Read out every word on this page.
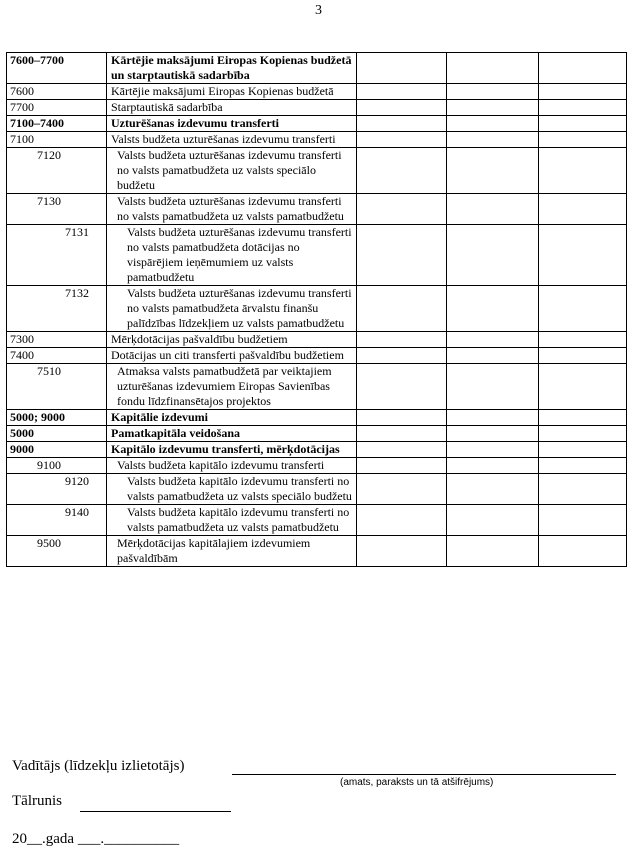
3
7600–7700	Kārtējie maksājumi Eiropas Kopienas budžetā un starptautiskā sadarbība			
7600	Kārtējie maksājumi Eiropas Kopienas budžetā			
7700	Starptautiskā sadarbība			
7100–7400	Uzturēšanas izdevumu transferti			
7100	Valsts budžeta uzturēšanas izdevumu transferti			
7120	Valsts budžeta uzturēšanas izdevumu transferti no valsts pamatbudžeta uz valsts speciālo budžetu			
7130	Valsts budžeta uzturēšanas izdevumu transferti no valsts pamatbudžeta uz valsts pamatbudžetu			
7131	Valsts budžeta uzturēšanas izdevumu transferti no valsts pamatbudžeta dotācijas no vispārējiem ieņēmumiem uz valsts pamatbudžetu			
7132	Valsts budžeta uzturēšanas izdevumu transferti no valsts pamatbudžeta ārvalstu finanšu palīdzības līdzekļiem uz valsts pamatbudžetu			
7300	Mērķdotācijas pašvaldību budžetiem			
7400	Dotācijas un citi transferti pašvaldību budžetiem			
7510	Atmaksa valsts pamatbudžetā par veiktajiem uzturēšanas izdevumiem Eiropas Savienības fondu līdzfinansētajos projektos			
5000; 9000	Kapitālie izdevumi			
5000	Pamatkapitāla veidošana			
9000	Kapitālo izdevumu transferti, mērķdotācijas			
9100	Valsts budžeta kapitālo izdevumu transferti			
9120	Valsts budžeta kapitālo izdevumu transferti no valsts pamatbudžeta uz valsts speciālo budžetu			
9140	Valsts budžeta kapitālo izdevumu transferti no valsts pamatbudžeta uz valsts pamatbudžetu			
9500	Mērķdotācijas kapitālajiem izdevumiem pašvaldībām			
Vadītājs (līdzekļu izlietotājs)
(amats, paraksts un tā atšifrējums)
Tālrunis
20__.gada ___.__________
